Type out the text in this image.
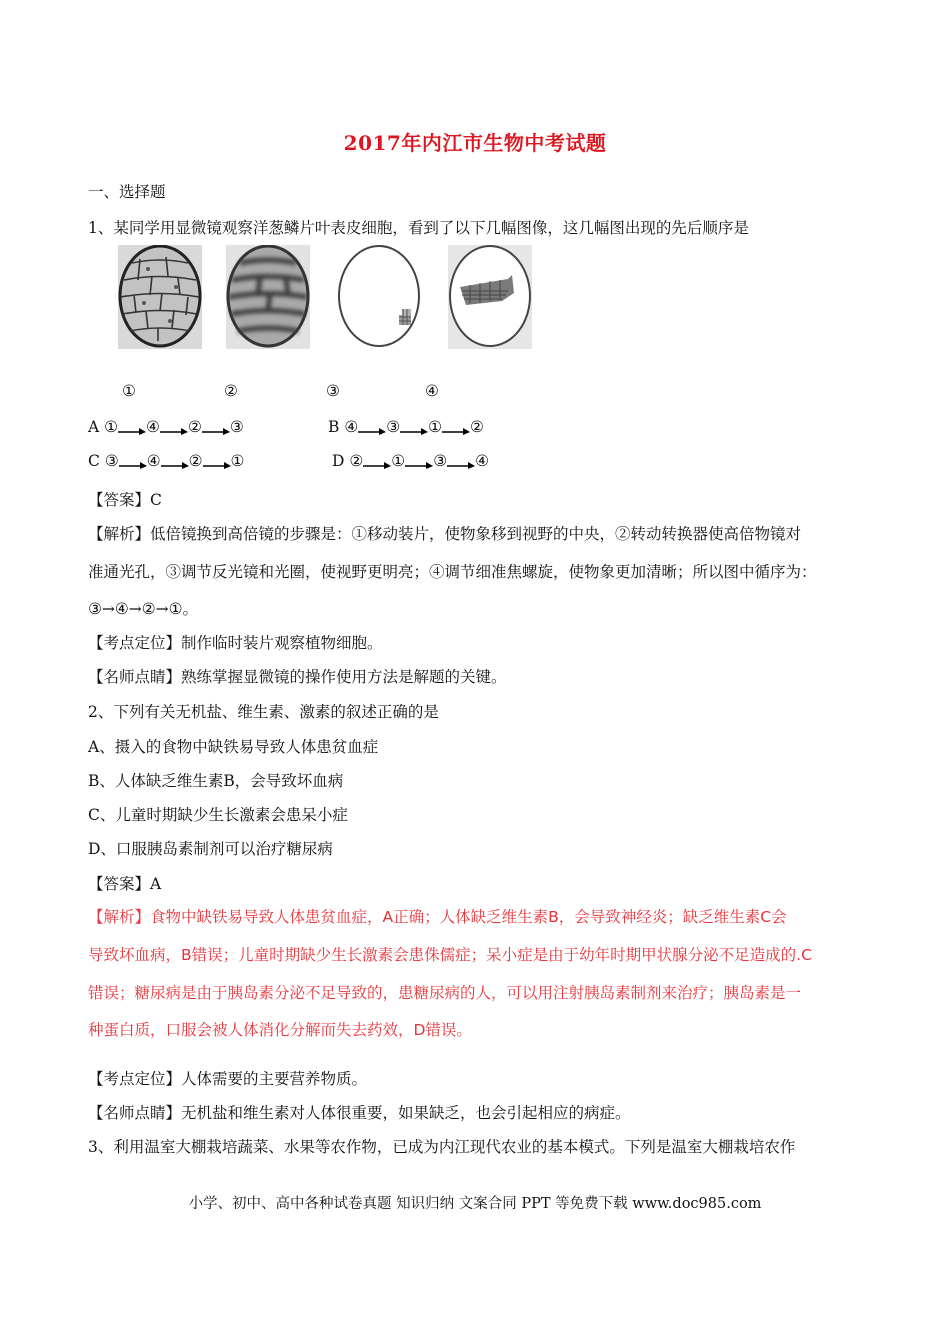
2017年内江市生物中考试题
一、选择题
1、某同学用显微镜观察洋葱鳞片叶表皮细胞，看到了以下几幅图像，这几幅图出现的先后顺序是
①	②	③	④
A ① ④ ② ③	B ④ ③ ① ②
C ③ ④ ② ①	D ② ① ③ ④
【答案】C
【解析】低倍镜换到高倍镜的步骤是：①移动装片，使物象移到视野的中央，②转动转换器使高倍物镜对
准通光孔，③调节反光镜和光圈，使视野更明亮；④调节细准焦螺旋，使物象更加清晰；所以图中循序为：
③→④→②→①。
【考点定位】制作临时装片观察植物细胞。
【名师点睛】熟练掌握显微镜的操作使用方法是解题的关键。
2、下列有关无机盐、维生素、激素的叙述正确的是
A、摄入的食物中缺铁易导致人体患贫血症
B、人体缺乏维生素B，会导致坏血病
C、儿童时期缺少生长激素会患呆小症
D、口服胰岛素制剂可以治疗糖尿病
【答案】A
【解析】食物中缺铁易导致人体患贫血症，A正确；人体缺乏维生素B，会导致神经炎；缺乏维生素C会
导致坏血病，B错误；儿童时期缺少生长激素会患侏儒症；呆小症是由于幼年时期甲状腺分泌不足造成的.C
错误；糖尿病是由于胰岛素分泌不足导致的，患糖尿病的人，可以用注射胰岛素制剂来治疗；胰岛素是一
种蛋白质，口服会被人体消化分解而失去药效，D错误。
【考点定位】人体需要的主要营养物质。
【名师点睛】无机盐和维生素对人体很重要，如果缺乏，也会引起相应的病症。
3、利用温室大棚栽培蔬菜、水果等农作物，已成为内江现代农业的基本模式。下列是温室大棚栽培农作
小学、初中、高中各种试卷真题 知识归纳 文案合同 PPT 等免费下载 www.doc985.com
